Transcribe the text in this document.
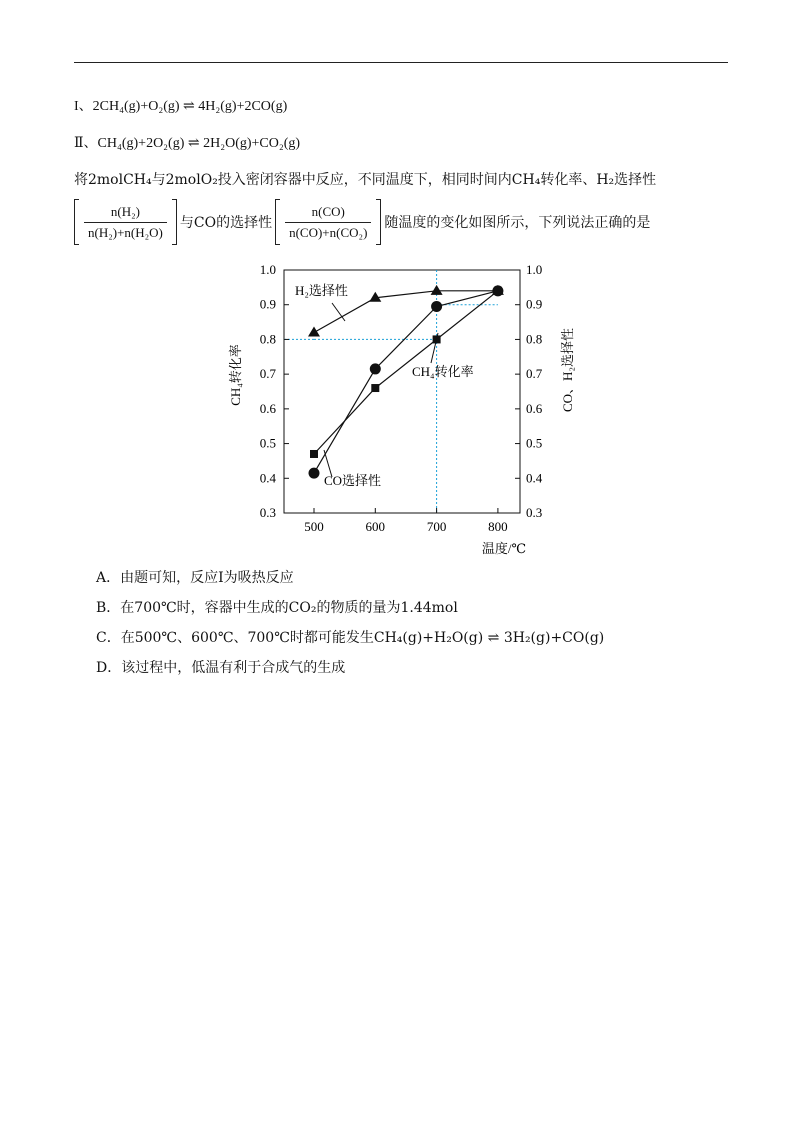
I、2CH₄(g)+O₂(g) ⇌ 4H₂(g)+2CO(g)
Ⅱ、CH₄(g)+2O₂(g) ⇌ 2H₂O(g)+CO₂(g)
将2molCH₄与2molO₂投入密闭容器中反应，不同温度下，相同时间内CH₄转化率、H₂选择性
$\frac{\text{n(H₂)}}{\text{n(H₂)+n(H₂O)}}$ 与CO的选择性 $\frac{n(CO)}{\text{n(CO)+n(CO₂)}}$ 随温度的变化如图所示，下列说法正确的是
1.0
0.9
0.8
0.7
0.6
0.5
0.4
0.3
1.0
0.9
0.8
0.7
0.6
0.5
0.4
0.3
500	600	700	800
CH₄转化率	CO、H₂选择性
温度/℃
H₂选择性
CH₄转化率
CO选择性
A．由题可知，反应Ⅰ为吸热反应
B．在700℃时，容器中生成的CO₂的物质的量为1.44mol
C．在500℃、600℃、700℃时都可能发生CH₄(g)+H₂O(g) ⇌ 3H₂(g)+CO(g)
D．该过程中，低温有利于合成气的生成
